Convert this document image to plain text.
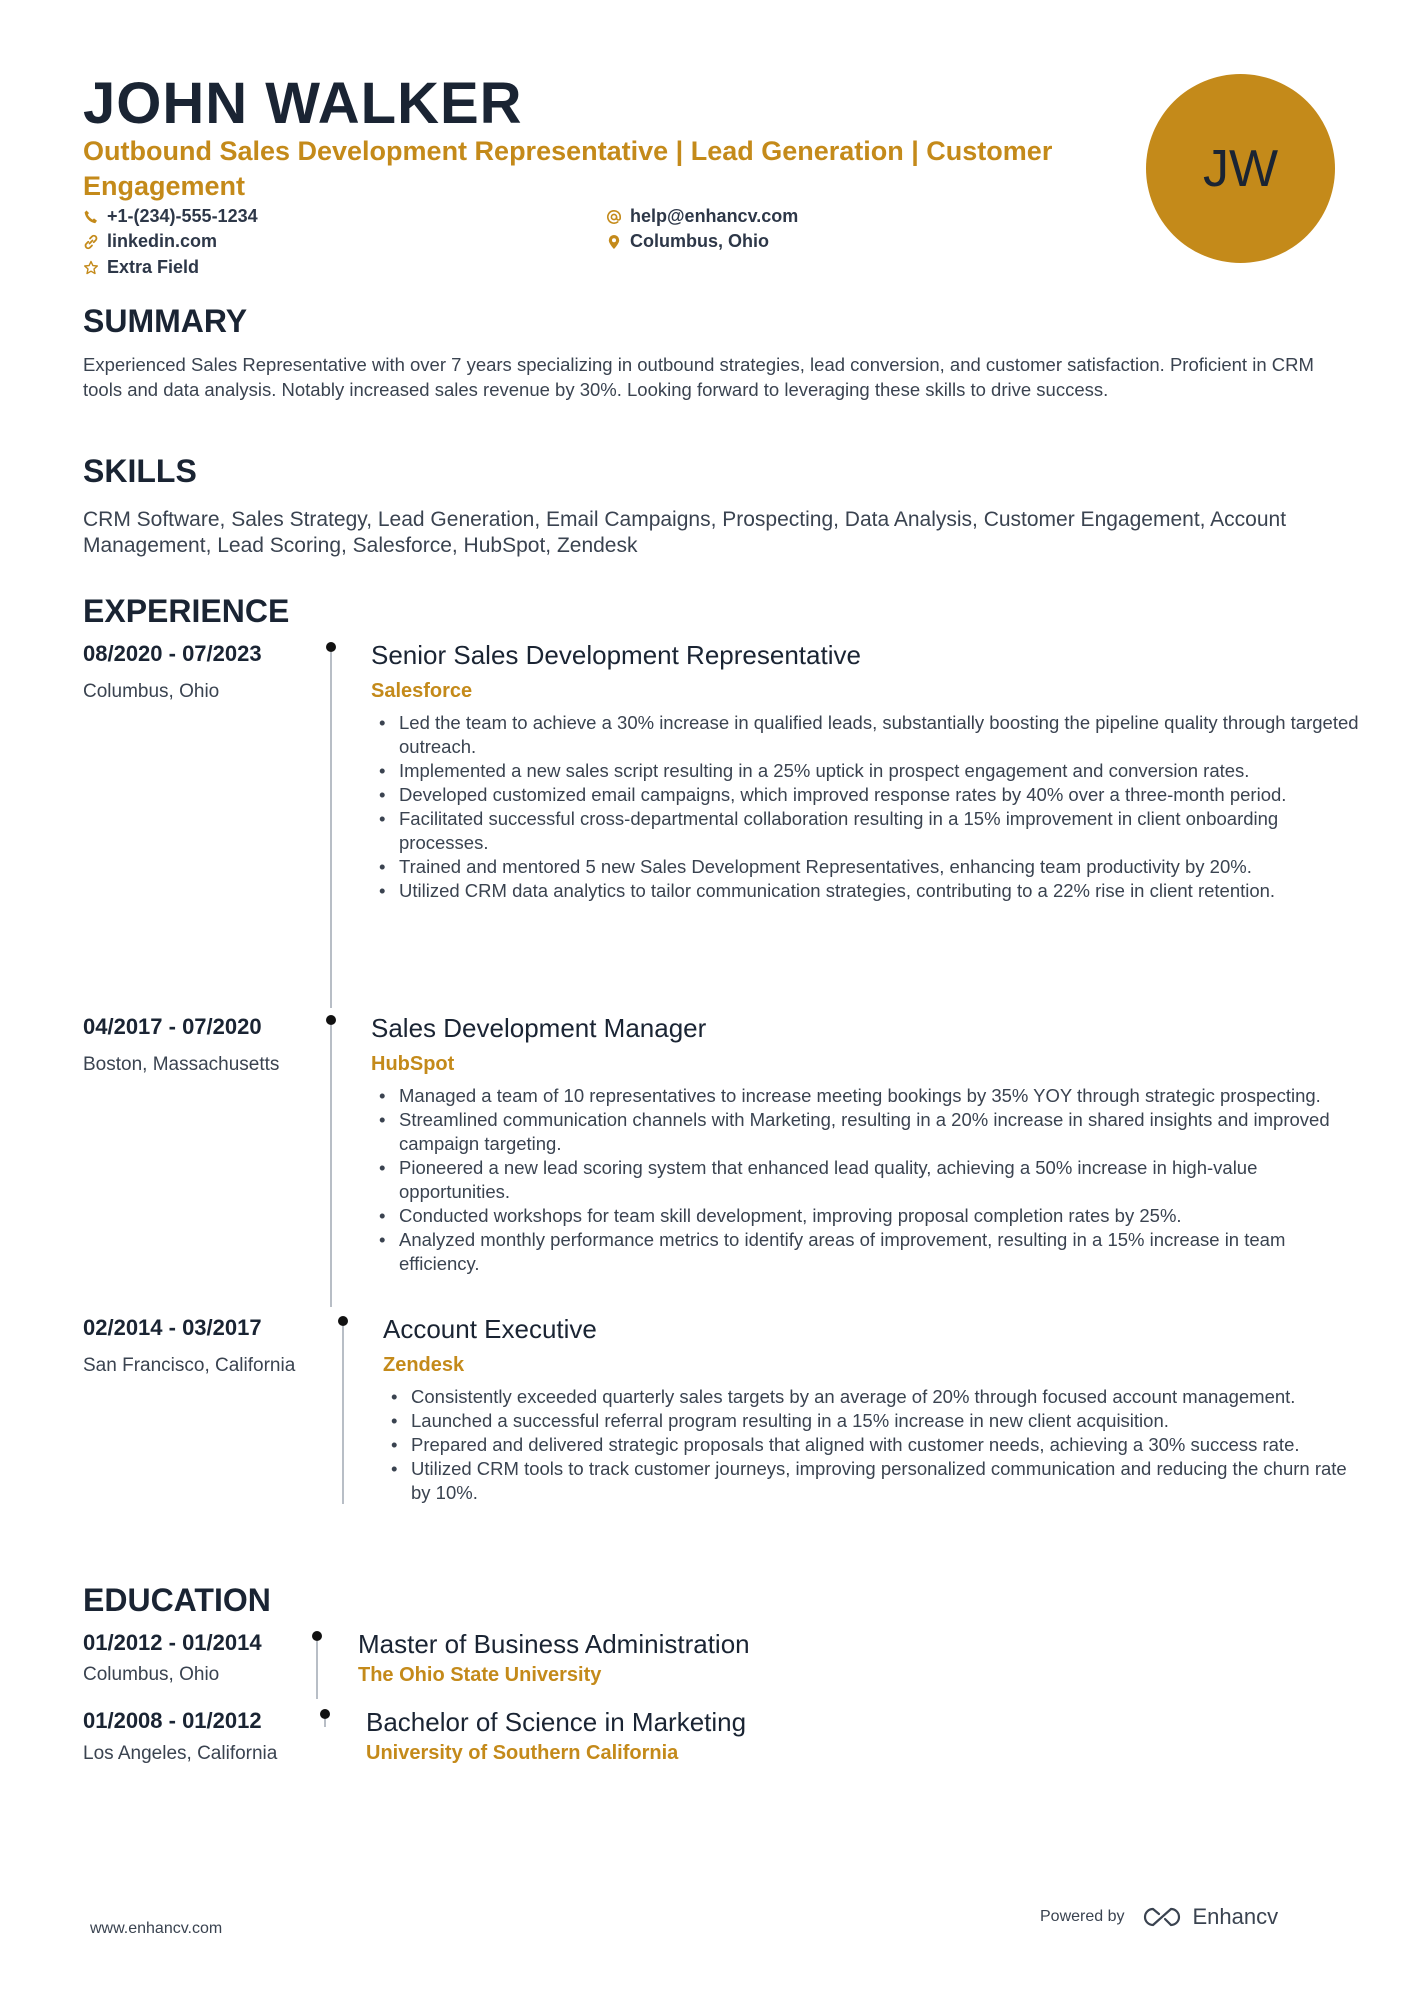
JOHN WALKER
Outbound Sales Development Representative | Lead Generation | Customer Engagement
+1-(234)-555-1234
linkedin.com
Extra Field
help@enhancv.com
Columbus, Ohio
JW
SUMMARY
Experienced Sales Representative with over 7 years specializing in outbound strategies, lead conversion, and customer satisfaction. Proficient in CRM tools and data analysis. Notably increased sales revenue by 30%. Looking forward to leveraging these skills to drive success.
SKILLS
CRM Software, Sales Strategy, Lead Generation, Email Campaigns, Prospecting, Data Analysis, Customer Engagement, Account Management, Lead Scoring, Salesforce, HubSpot, Zendesk
EXPERIENCE
08/2020 - 07/2023
Columbus, Ohio
Senior Sales Development Representative
Salesforce
• Led the team to achieve a 30% increase in qualified leads, substantially boosting the pipeline quality through targeted outreach.
• Implemented a new sales script resulting in a 25% uptick in prospect engagement and conversion rates.
• Developed customized email campaigns, which improved response rates by 40% over a three-month period.
• Facilitated successful cross-departmental collaboration resulting in a 15% improvement in client onboarding processes.
• Trained and mentored 5 new Sales Development Representatives, enhancing team productivity by 20%.
• Utilized CRM data analytics to tailor communication strategies, contributing to a 22% rise in client retention.
04/2017 - 07/2020
Boston, Massachusetts
Sales Development Manager
HubSpot
• Managed a team of 10 representatives to increase meeting bookings by 35% YOY through strategic prospecting.
• Streamlined communication channels with Marketing, resulting in a 20% increase in shared insights and improved campaign targeting.
• Pioneered a new lead scoring system that enhanced lead quality, achieving a 50% increase in high-value opportunities.
• Conducted workshops for team skill development, improving proposal completion rates by 25%.
• Analyzed monthly performance metrics to identify areas of improvement, resulting in a 15% increase in team efficiency.
02/2014 - 03/2017
San Francisco, California
Account Executive
Zendesk
• Consistently exceeded quarterly sales targets by an average of 20% through focused account management.
• Launched a successful referral program resulting in a 15% increase in new client acquisition.
• Prepared and delivered strategic proposals that aligned with customer needs, achieving a 30% success rate.
• Utilized CRM tools to track customer journeys, improving personalized communication and reducing the churn rate by 10%.
EDUCATION
01/2012 - 01/2014
Columbus, Ohio
Master of Business Administration
The Ohio State University
01/2008 - 01/2012
Los Angeles, California
Bachelor of Science in Marketing
University of Southern California
www.enhancv.com
Powered by	Enhancv
